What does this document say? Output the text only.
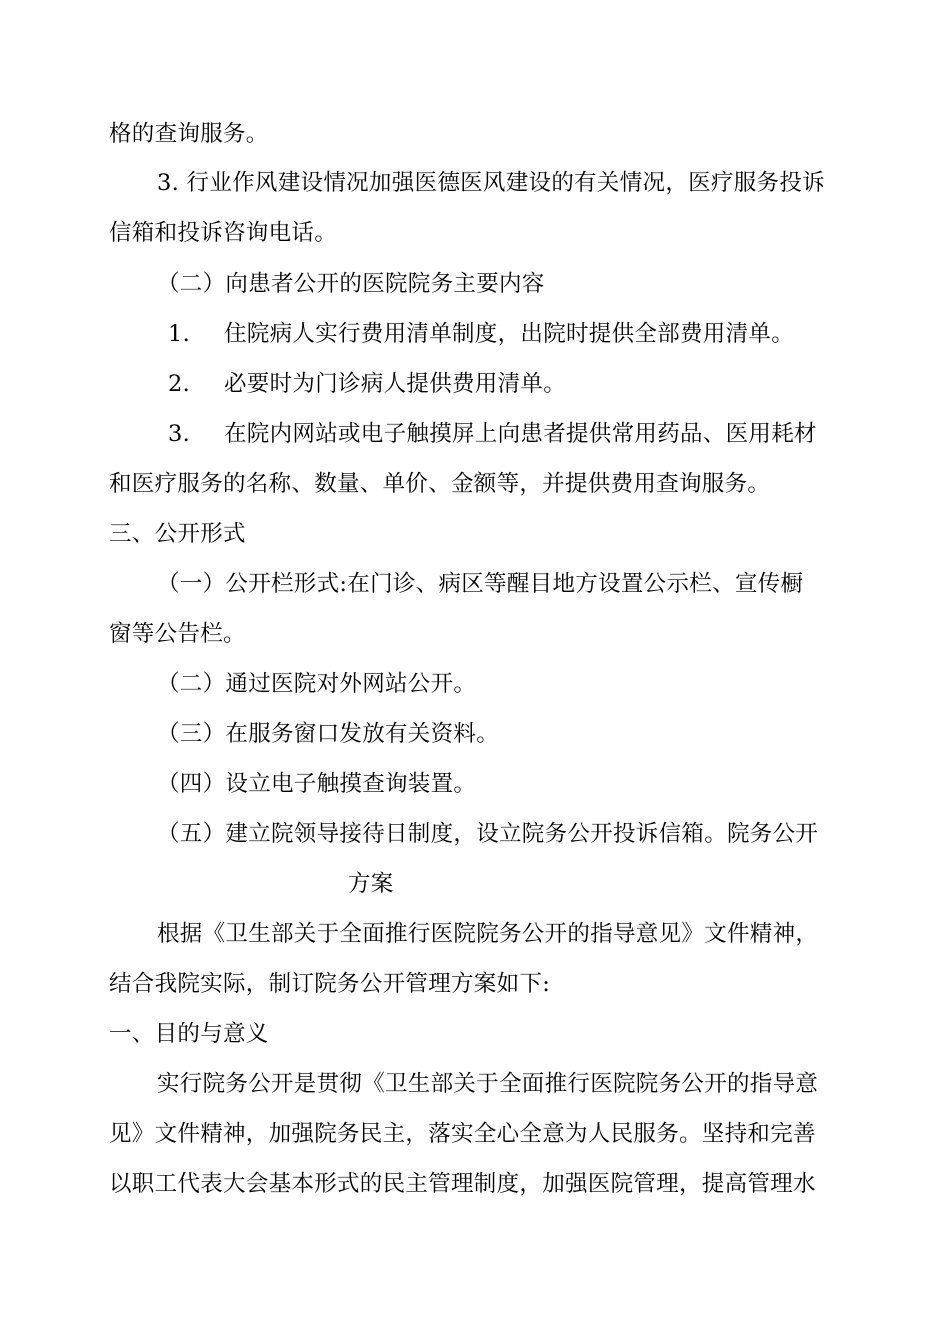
格的查询服务。
3. 行业作风建设情况加强医德医风建设的有关情况，医疗服务投诉
信箱和投诉咨询电话。
（二）向患者公开的医院院务主要内容
1. 住院病人实行费用清单制度，出院时提供全部费用清单。
2. 必要时为门诊病人提供费用清单。
3. 在院内网站或电子触摸屏上向患者提供常用药品、医用耗材
和医疗服务的名称、数量、单价、金额等，并提供费用查询服务。
三、公开形式
（一）公开栏形式:在门诊、病区等醒目地方设置公示栏、宣传橱
窗等公告栏。
（二）通过医院对外网站公开。
（三）在服务窗口发放有关资料。
（四）设立电子触摸查询装置。
（五）建立院领导接待日制度，设立院务公开投诉信箱。院务公开
方案
根据《卫生部关于全面推行医院院务公开的指导意见》文件精神，
结合我院实际，制订院务公开管理方案如下:
一、目的与意义
实行院务公开是贯彻《卫生部关于全面推行医院院务公开的指导意
见》文件精神，加强院务民主，落实全心全意为人民服务。坚持和完善
以职工代表大会基本形式的民主管理制度，加强医院管理，提高管理水
